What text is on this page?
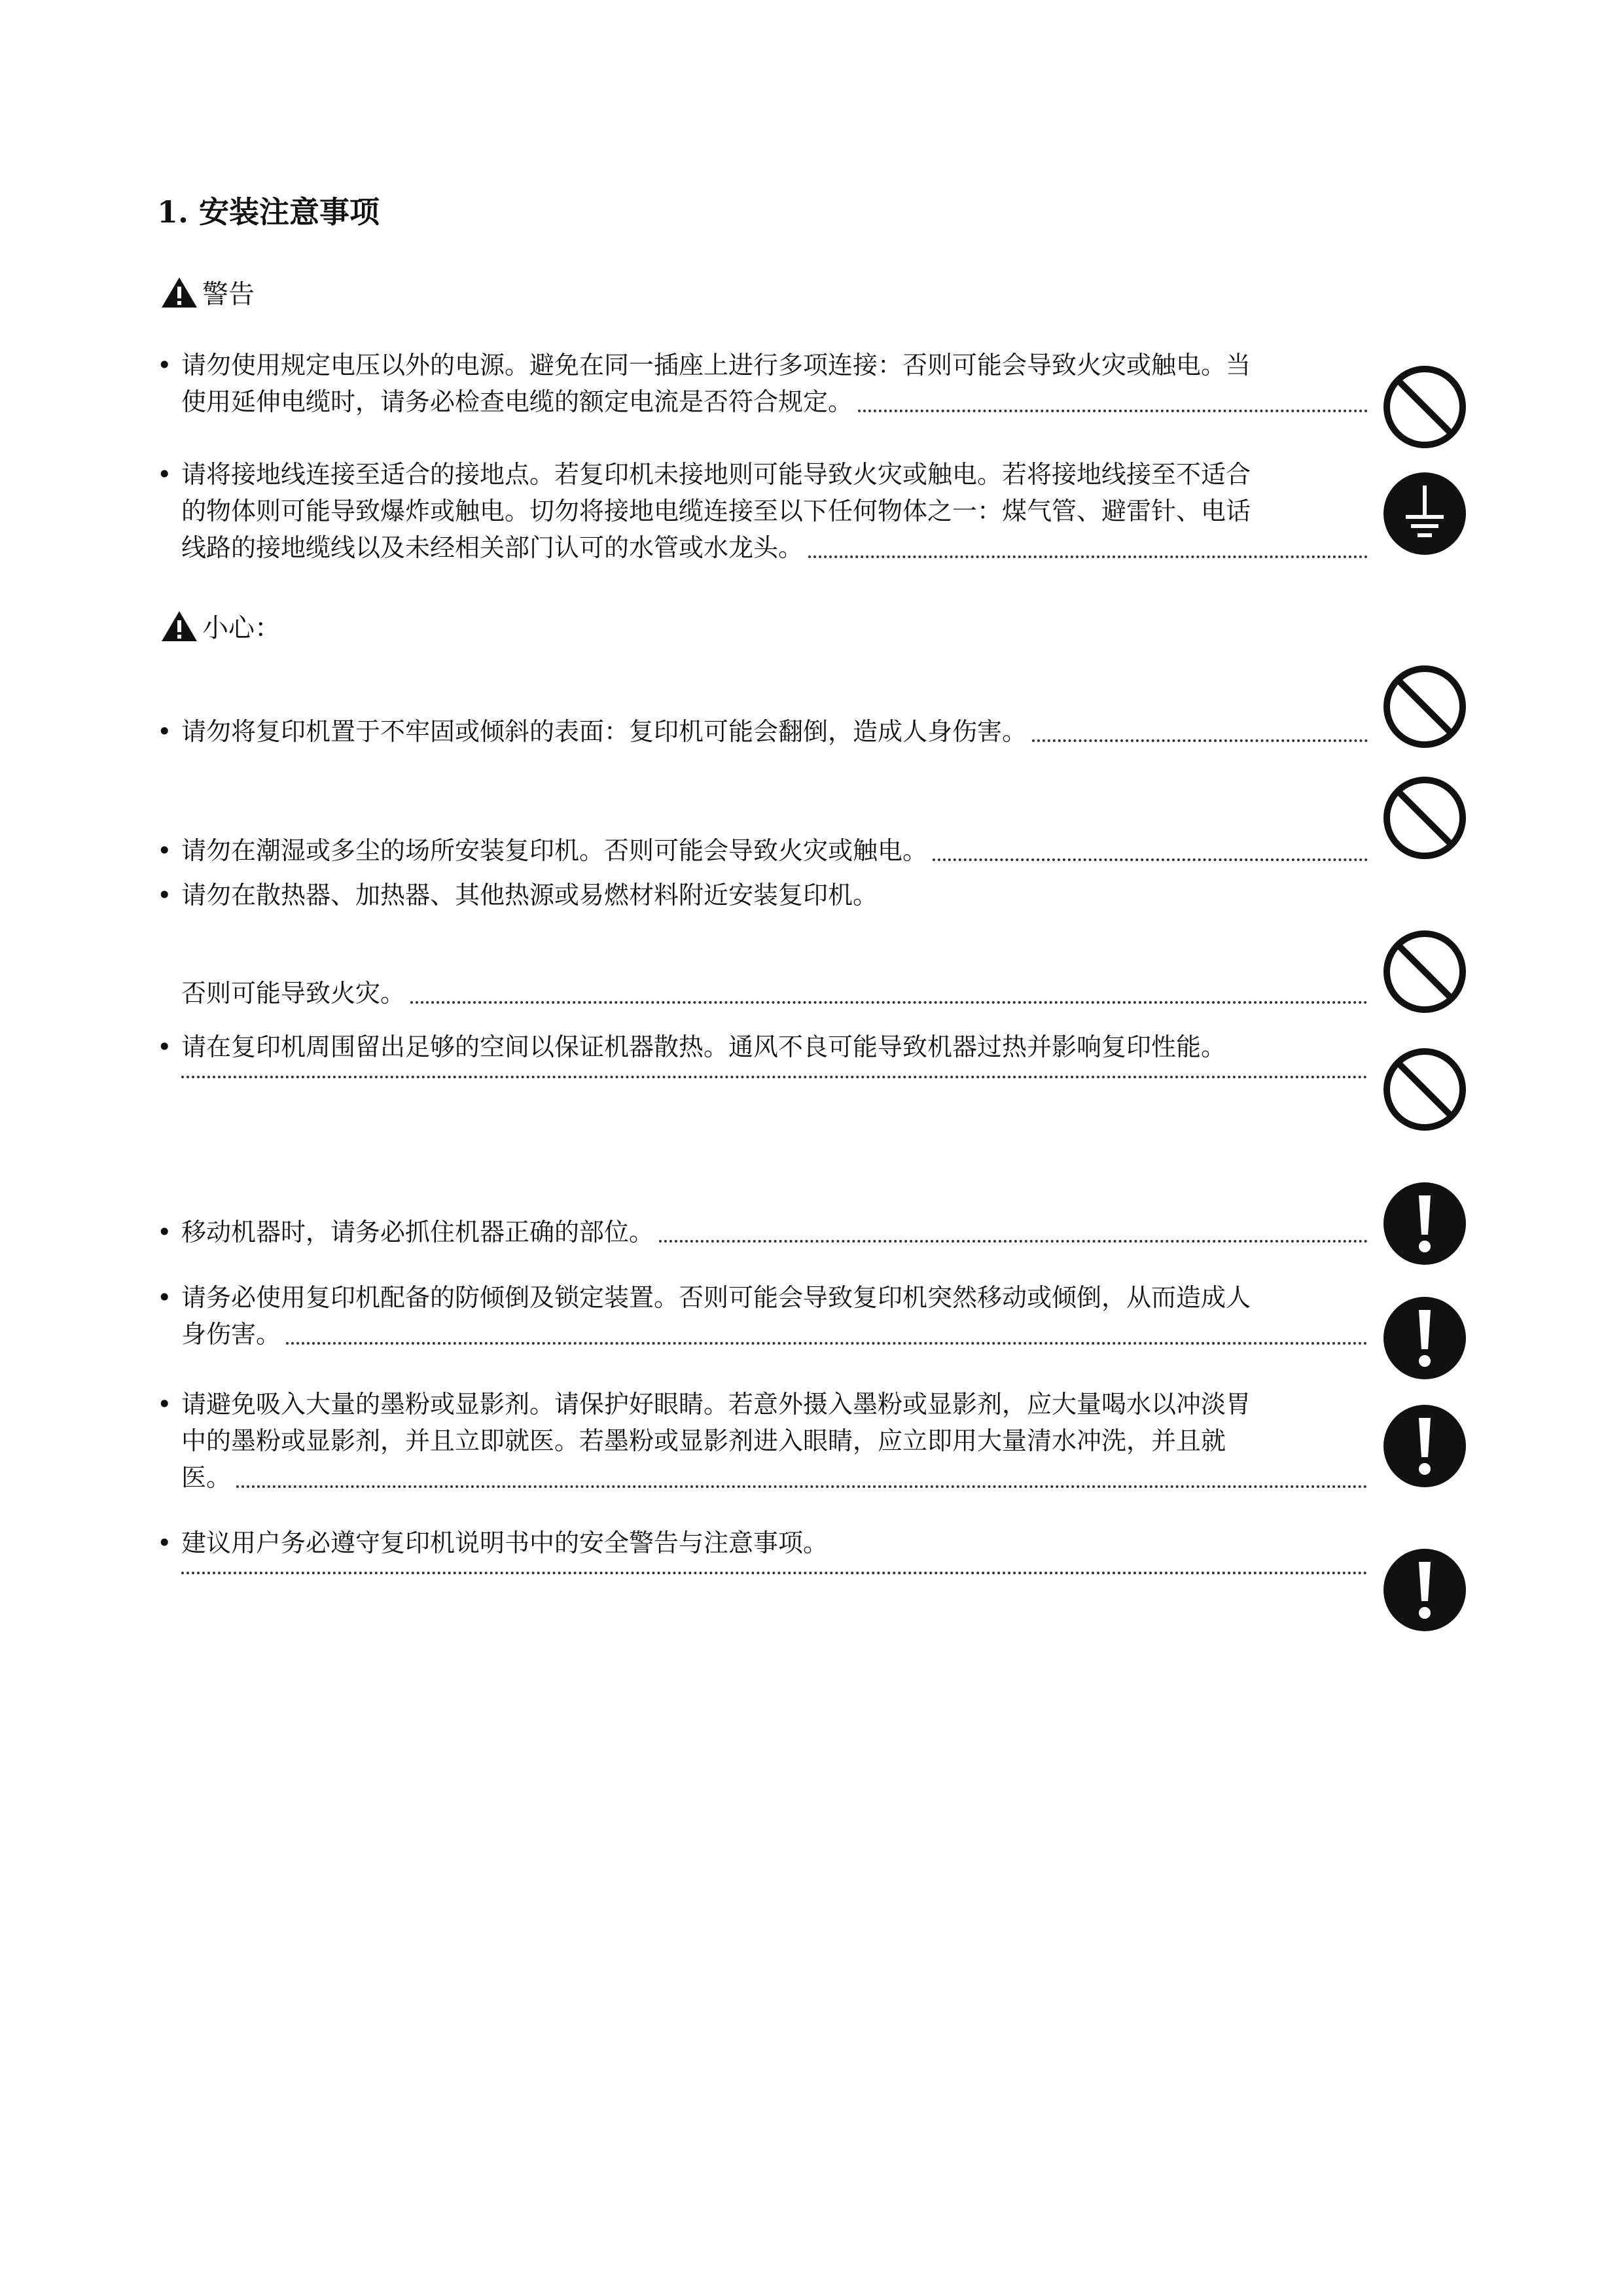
1. 安装注意事项
警告
• 请勿使用规定电压以外的电源。避免在同一插座上进行多项连接：否则可能会导致火灾或触电。当
使用延伸电缆时，请务必检查电缆的额定电流是否符合规定。
• 请将接地线连接至适合的接地点。若复印机未接地则可能导致火灾或触电。若将接地线接至不适合
的物体则可能导致爆炸或触电。切勿将接地电缆连接至以下任何物体之一：煤气管、避雷针、电话
线路的接地缆线以及未经相关部门认可的水管或水龙头。
小心：
• 请勿将复印机置于不牢固或倾斜的表面：复印机可能会翻倒，造成人身伤害。
• 请勿在潮湿或多尘的场所安装复印机。否则可能会导致火灾或触电。
• 请勿在散热器、加热器、其他热源或易燃材料附近安装复印机。
否则可能导致火灾。
• 请在复印机周围留出足够的空间以保证机器散热。通风不良可能导致机器过热并影响复印性能。
• 移动机器时，请务必抓住机器正确的部位。
• 请务必使用复印机配备的防倾倒及锁定装置。否则可能会导致复印机突然移动或倾倒，从而造成人
身伤害。
• 请避免吸入大量的墨粉或显影剂。请保护好眼睛。若意外摄入墨粉或显影剂，应大量喝水以冲淡胃
中的墨粉或显影剂，并且立即就医。若墨粉或显影剂进入眼睛，应立即用大量清水冲洗，并且就
医。
• 建议用户务必遵守复印机说明书中的安全警告与注意事项。
